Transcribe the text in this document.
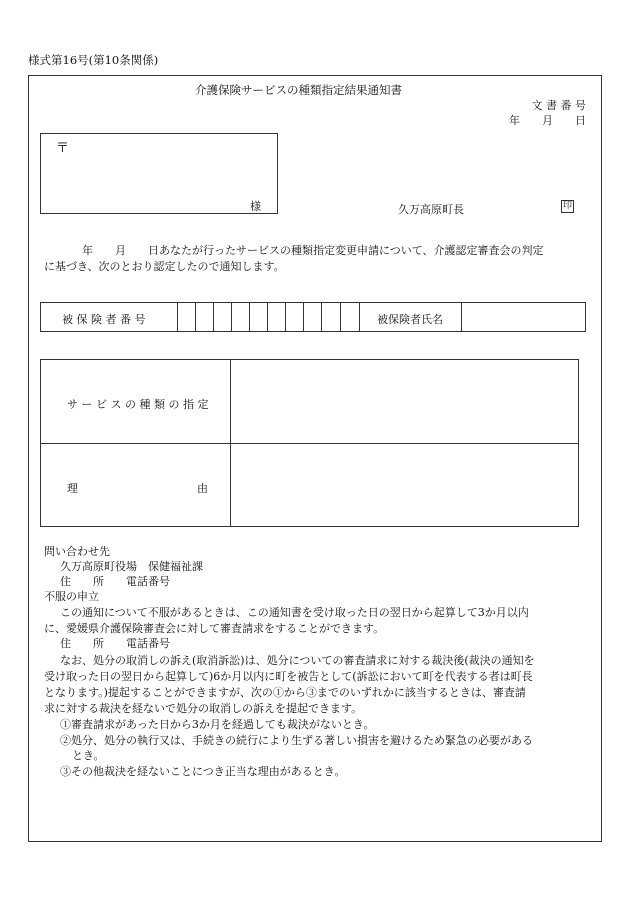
様式第16号(第10条関係)
介護保険サービスの種類指定結果通知書
文 書 番 号
年　　月　　日
〒
様	久万高原町長	印
年　　月　　日あなたが行ったサービスの種類指定変更申請について、介護認定審査会の判定
に基づき、次のとおり認定したので通知します。
被 保 険 者 番 号	被保険者氏名
サ ー ビ ス の 種 類 の 指 定
理	由
問い合わせ先
久万高原町役場　保健福祉課
住　　所　　電話番号
不服の申立
この通知について不服があるときは、この通知書を受け取った日の翌日から起算して3か月以内
に、愛媛県介護保険審査会に対して審査請求をすることができます。
住　　所　　電話番号
なお、処分の取消しの訴え(取消訴訟)は、処分についての審査請求に対する裁決後(裁決の通知を
受け取った日の翌日から起算して)6か月以内に町を被告として(訴訟において町を代表する者は町長
となります。)提起することができますが、次の①から③までのいずれかに該当するときは、審査請
求に対する裁決を経ないで処分の取消しの訴えを提起できます。
①審査請求があった日から3か月を経過しても裁決がないとき。
②処分、処分の執行又は、手続きの続行により生ずる著しい損害を避けるため緊急の必要がある
とき。
③その他裁決を経ないことにつき正当な理由があるとき。
